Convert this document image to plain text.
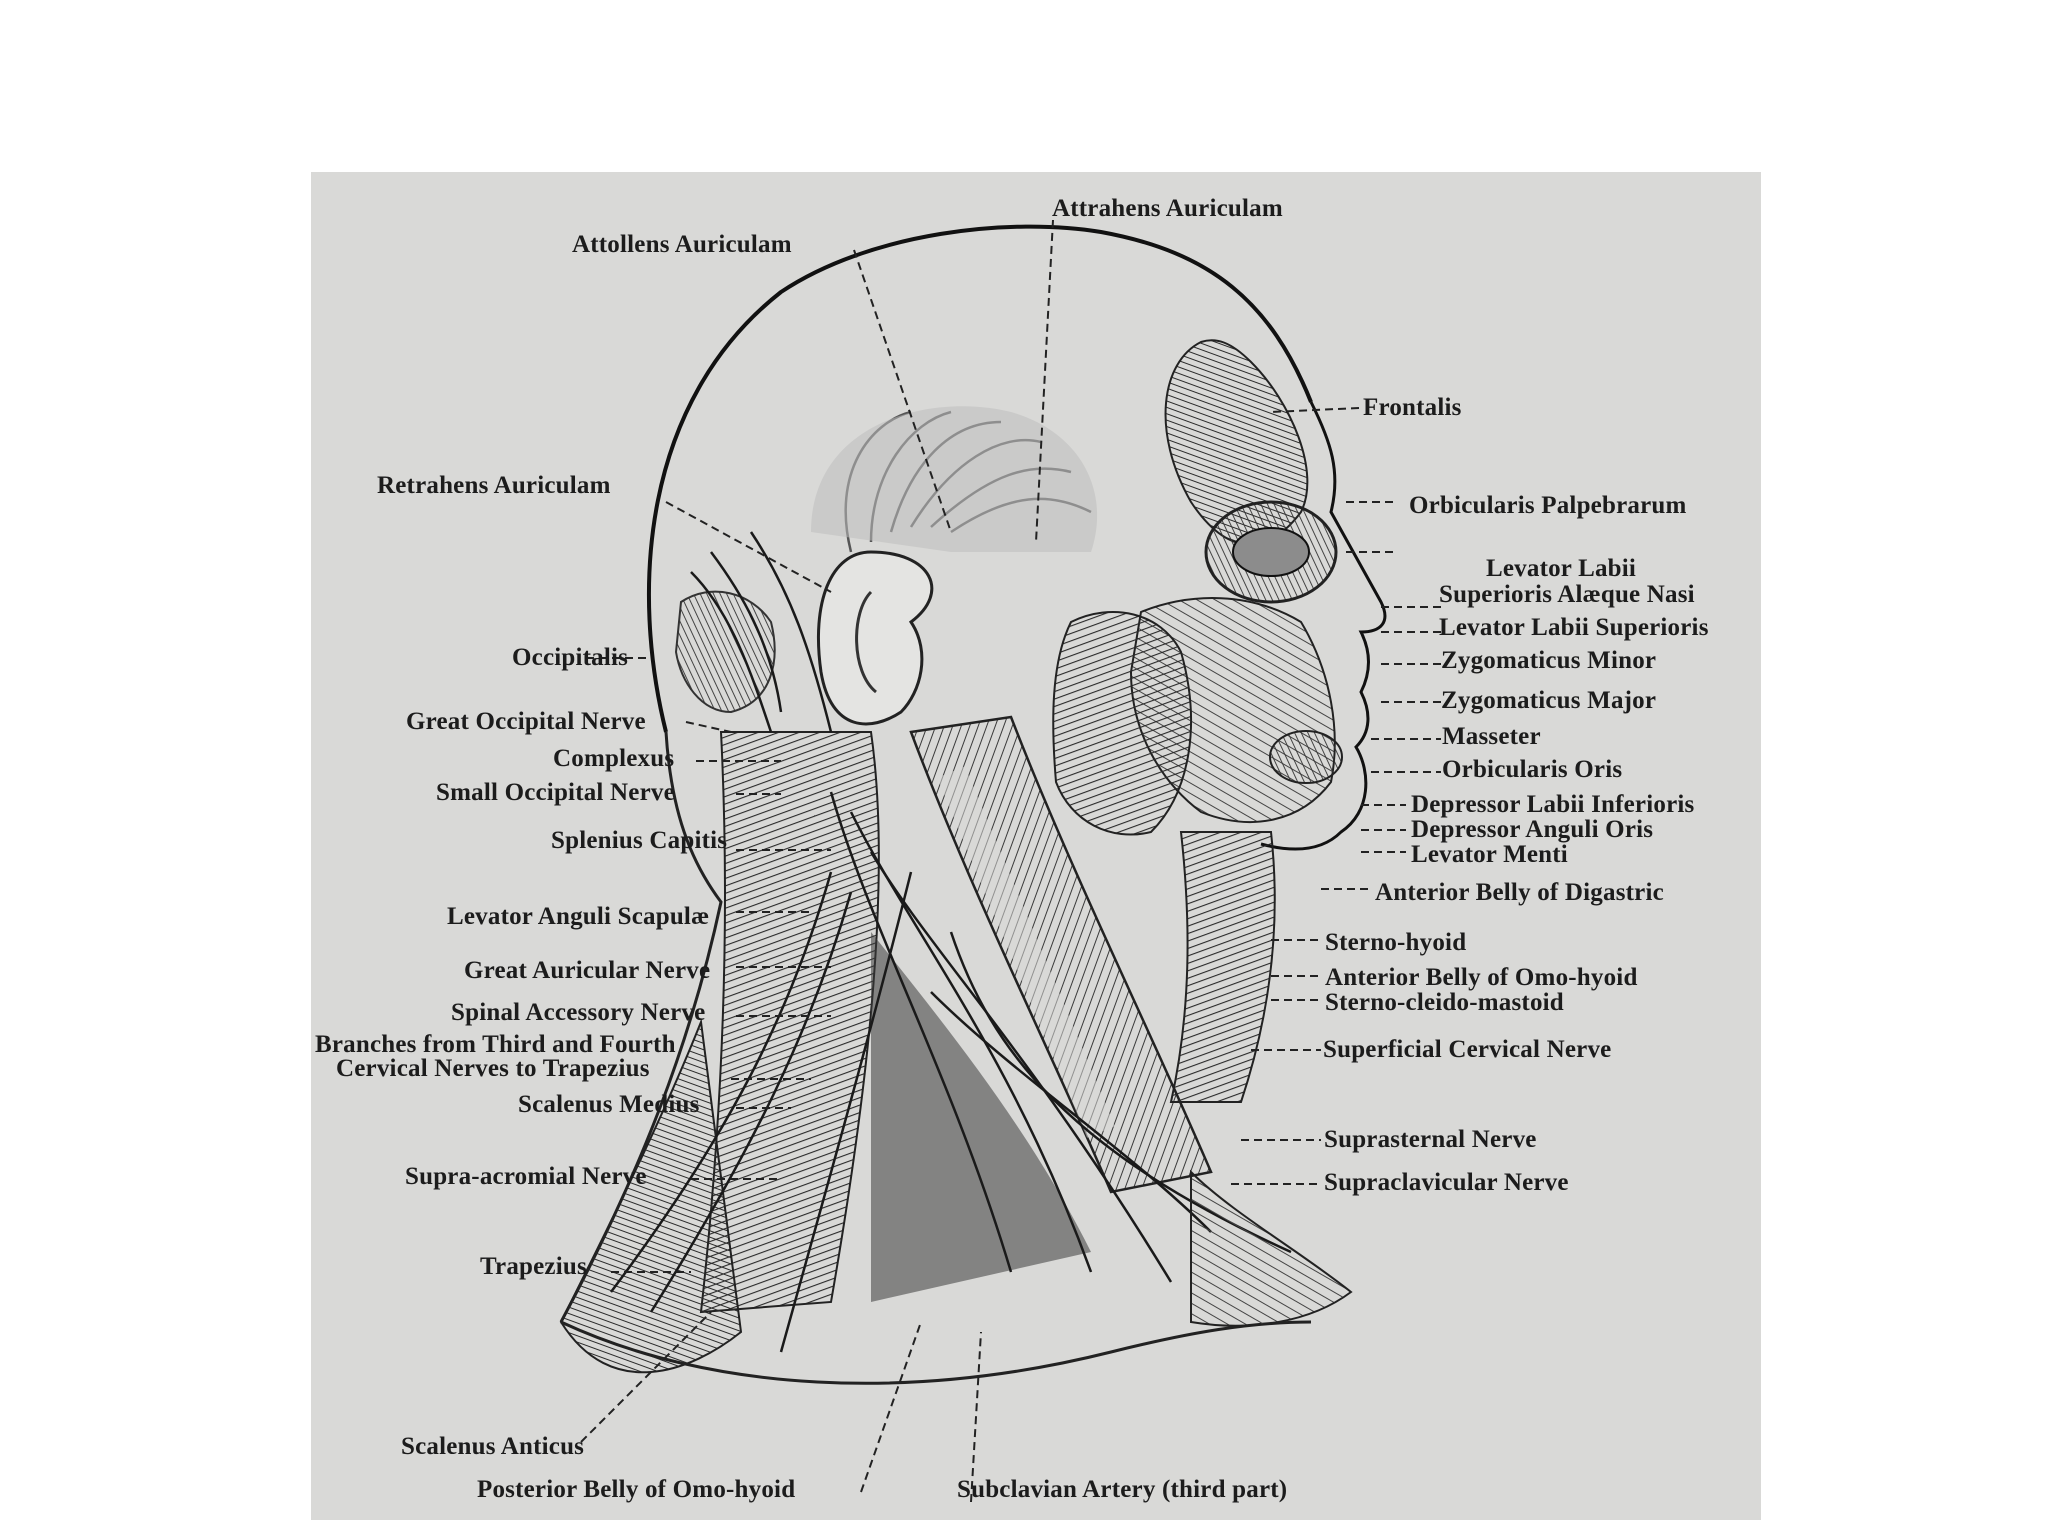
Attrahens Auriculam
Attollens Auriculam
Frontalis
Retrahens Auriculam
Orbicularis Palpebrarum
Levator Labii
Superioris Alæque Nasi
Levator Labii Superioris
Occipitalis	Zygomaticus Minor
Zygomaticus Major
Great Occipital Nerve
Masseter
Complexus	Orbicularis Oris
Small Occipital Nerve	Depressor Labii Inferioris
Depressor Anguli Oris
Splenius Capitis
Levator Menti
Anterior Belly of Digastric
Levator Anguli Scapulæ
Sterno-hyoid
Great Auricular Nerve	Anterior Belly of Omo-hyoid
Sterno-cleido-mastoid
Spinal Accessory Nerve
Branches from Third and Fourth	Superficial Cervical Nerve
Cervical Nerves to Trapezius
Scalenus Medius
Suprasternal Nerve
Supra-acromial Nerve	Supraclavicular Nerve
Trapezius
Scalenus Anticus
Posterior Belly of Omo-hyoid	Subclavian Artery (third part)
